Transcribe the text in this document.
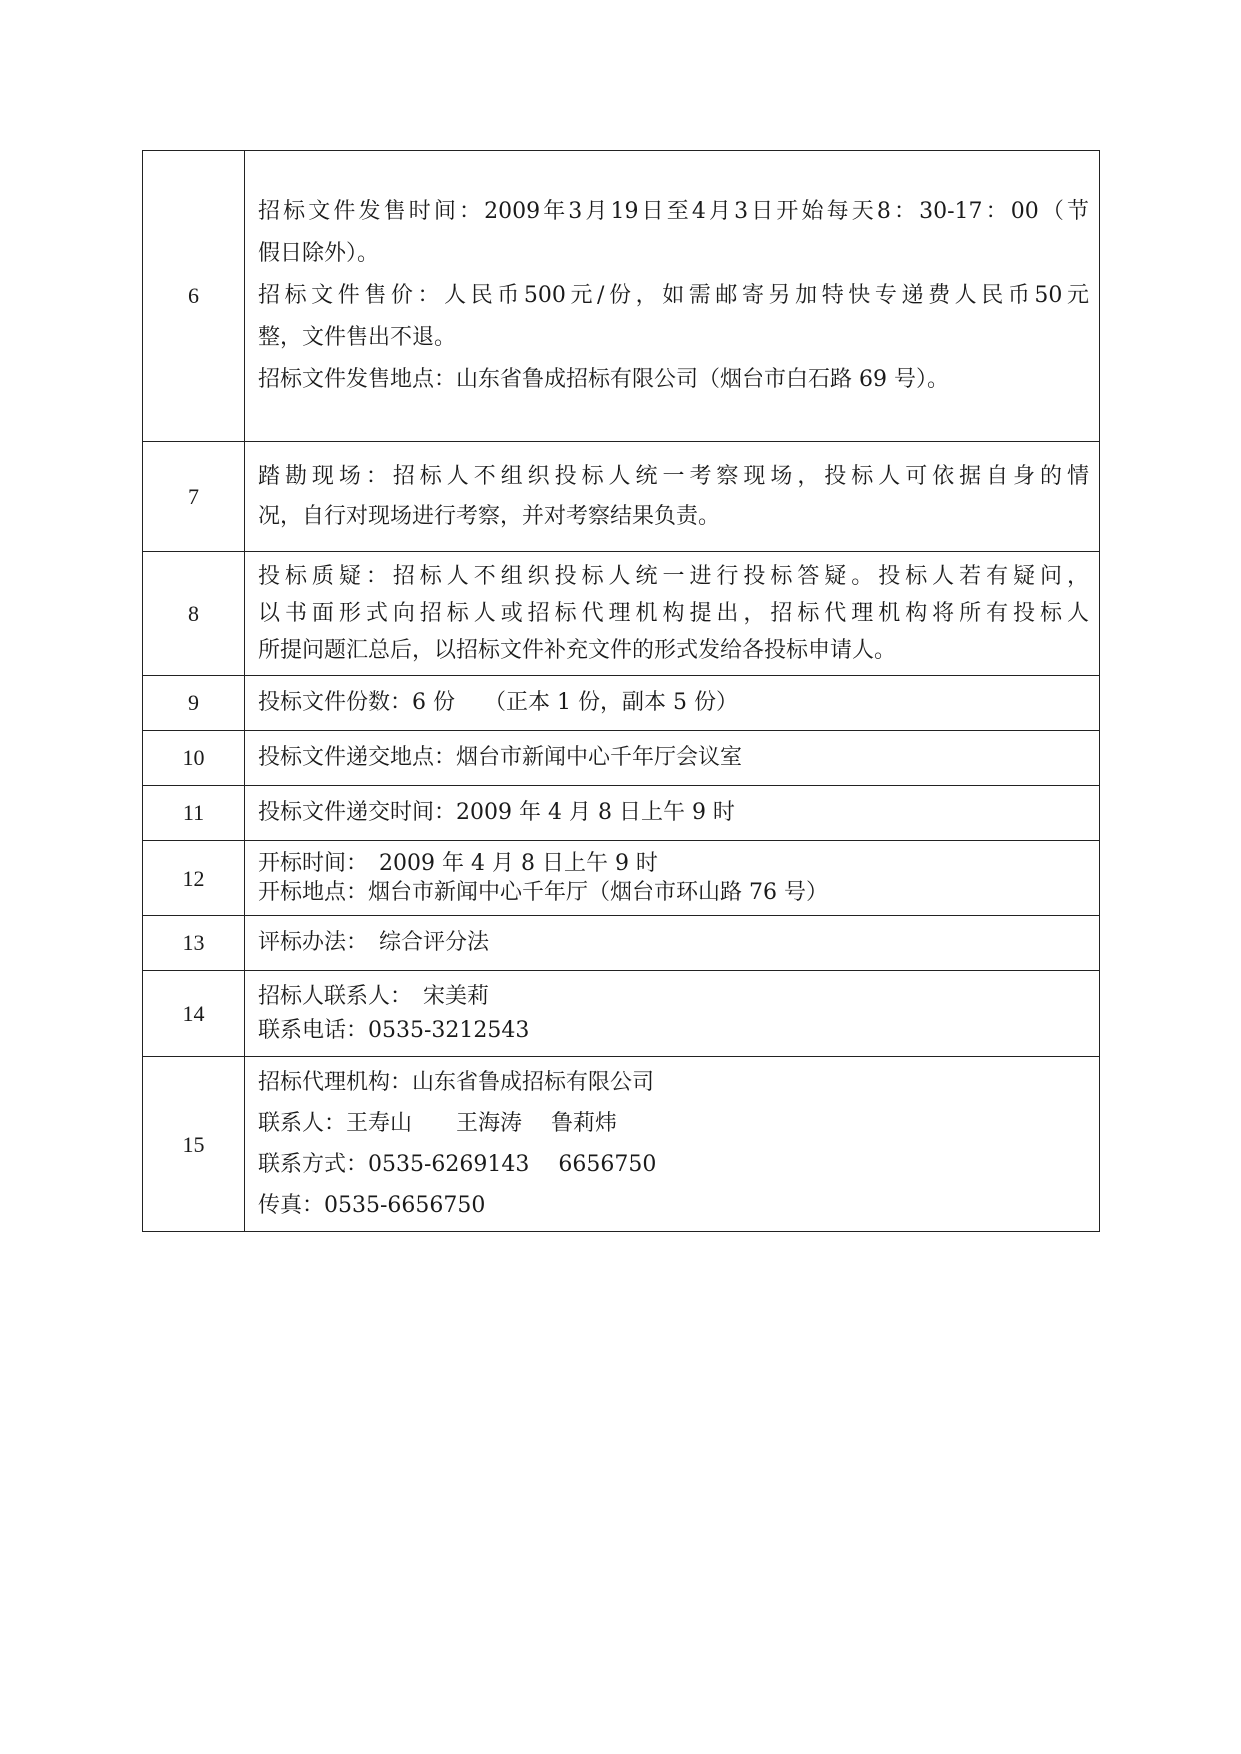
6	招标文件发售时间：2009年3月19日至4月3日开始每天8：30-17：00（节
假日除外）。
招标文件售价：人民币500元/份，如需邮寄另加特快专递费人民币50元
整，文件售出不退。
招标文件发售地点：山东省鲁成招标有限公司（烟台市白石路 69 号）。

7	踏勘现场：招标人不组织投标人统一考察现场，投标人可依据自身的情
况，自行对现场进行考察，并对考察结果负责。

8	投标质疑：招标人不组织投标人统一进行投标答疑。投标人若有疑问，
以书面形式向招标人或招标代理机构提出，招标代理机构将所有投标人
所提问题汇总后，以招标文件补充文件的形式发给各投标申请人。

9	投标文件份数：6 份　 （正本 1 份，副本 5 份）

10	投标文件递交地点：烟台市新闻中心千年厅会议室

11	投标文件递交时间：2009 年 4 月 8 日上午 9 时

12	开标时间：　2009 年 4 月 8 日上午 9 时
开标地点：烟台市新闻中心千年厅（烟台市环山路 76 号）

13	评标办法：　综合评分法

14	招标人联系人：　宋美莉
联系电话：0535-3212543

15	招标代理机构：山东省鲁成招标有限公司
联系人：王寿山　　王海涛　 鲁莉炜
联系方式：0535-6269143　 6656750
传真：0535-6656750
